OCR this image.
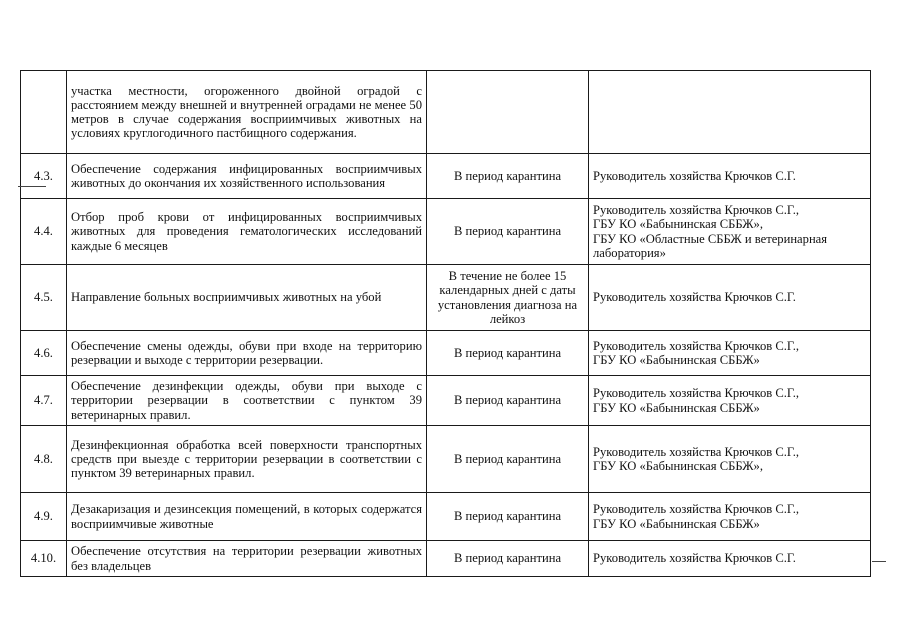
	участка местности, огороженного двойной оградой с расстоянием между внешней и внутренней оградами не менее 50 метров в случае содержания восприимчивых животных на условиях круглогодичного пастбищного содержания.		
4.3.	Обеспечение содержания инфицированных восприимчивых животных до окончания их хозяйственного использования	В период карантина	Руководитель хозяйства Крючков С.Г.

4.4.	Отбор проб крови от инфицированных восприимчивых животных для проведения гематологических исследований каждые 6 месяцев	В период карантина	Руководитель хозяйства Крючков С.Г.,
ГБУ КО «Бабынинская СББЖ»,
ГБУ КО «Областные СББЖ и ветеринарная
лаборатория»

4.5.	Направление больных восприимчивых животных на убой	В течение не более 15 календарных дней с даты установления диагноза на лейкоз	Руководитель хозяйства Крючков С.Г.

4.6.	Обеспечение смены одежды, обуви при входе на территорию резервации и выходе с территории резервации.	В период карантина	Руководитель хозяйства Крючков С.Г.,
ГБУ КО «Бабынинская СББЖ»

4.7.	Обеспечение дезинфекции одежды, обуви при выходе с территории резервации в соответствии с пунктом 39 ветеринарных правил.	В период карантина	Руководитель хозяйства Крючков С.Г.,
ГБУ КО «Бабынинская СББЖ»

4.8.	Дезинфекционная обработка всей поверхности транспортных средств при выезде с территории резервации в соответствии с пунктом 39 ветеринарных правил.	В период карантина	Руководитель хозяйства Крючков С.Г.,
ГБУ КО «Бабынинская СББЖ»,

4.9.	Дезакаризация и дезинсекция помещений, в которых содержатся восприимчивые животные	В период карантина	Руководитель хозяйства Крючков С.Г.,
ГБУ КО «Бабынинская СББЖ»

4.10.	Обеспечение отсутствия на территории резервации животных без владельцев	В период карантина	Руководитель хозяйства Крючков С.Г.
